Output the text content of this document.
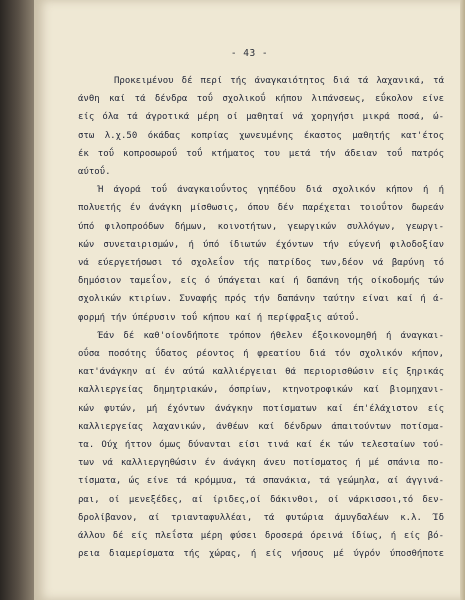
- 43 -
Προκειμένου δέ περί τής άναγκαιότητος διά τά λαχανικά, τά
άνθη καί τά δένδρα τοΰ σχολικοΰ κήπου λιπάνσεως, εΰκολον είνε
είς όλα τά άγροτικά μέρη οί μαθηταί νά χορηγήσι μικρά ποσά, ώ-
στω λ.χ.50 όκάδας κοπρίας χωνευμένης έκαστος μαθητής κατ'έτος
έκ τοΰ κοπροσωροΰ τοΰ κτήματος του μετά τήν άδειαν τοΰ πατρός
αύτοΰ.
Ή άγορά τοΰ άναγκαιοΰντος γηπέδου διά σχολικόν κήπον ή ή
πολυετής έν άνάγκη μίσθωσις, όπου δέν παρέχεται τοιοΰτον δωρεάν
ύπό φιλοπροόδων δήμων, κοινοτήτων, γεωργικών συλλόγων, γεωργι-
κών συνεταιρισμών, ή ύπό ίδιωτών έχόντων τήν εύγενή φιλοδοξίαν
νά εύεργετήσωσι τό σχολεΐον τής πατρίδος των,δέον νά βαρύνη τό
δημόσιον ταμεΐον, είς ό ύπάγεται καί ή δαπάνη τής οίκοδομής τών
σχολικών κτιρίων. Συναφής πρός τήν δαπάνην ταύτην είναι καί ή ά-
φορμή τήν ύπέρυσιν τοΰ κήπου καί ή περίφραξις αύτοΰ.
Έάν δέ καθ'οίονδήποτε τρόπον ήθελεν έξοικονομηθή ή άναγκαι-
οΰσα ποσότης ΰδατος ρέοντος ή φρεατίου διά τόν σχολικόν κήπον,
κατ'άνάγκην αί έν αύτώ καλλιέργειαι θά περιορισθώσιν είς ξηρικάς
καλλιεργείας δημητριακών, όσπρίων, κτηνοτροφικών καί βιομηχανι-
κών φυτών, μή έχόντων άνάγκην ποτίσματων καί έπ'έλάχιστον είς
καλλιεργείας λαχανικών, άνθέων καί δένδρων άπαιτούντων ποτίσμα-
τα. Ούχ ήττον όμως δύνανται είσι τινά καί έκ τών τελεσταίων τού-
των νά καλλιεργηθώσιν έν άνάγκη άνευ ποτίσματος ή μέ σπάνια πο-
τίσματα, ώς είνε τά κρόμμυα, τά σπανάκια, τά γεώμηλα, αί άγγινά-
ραι, οί μενεξέδες, αί ίριδες,οί δάκινθοι, οί νάρκισσοι,τό δεν-
δρολίβανον, αί τριανταφυλλέαι, τά φυτώρια άμυγδαλέων κ.λ. Ίδ
άλλου δέ είς πλεΐστα μέρη φύσει δροσερά όρεινά ίδίως, ή είς βό-
ρεια διαμερίσματα τής χώρας, ή είς νήσους μέ ύγρόν ύποσθήποτε
